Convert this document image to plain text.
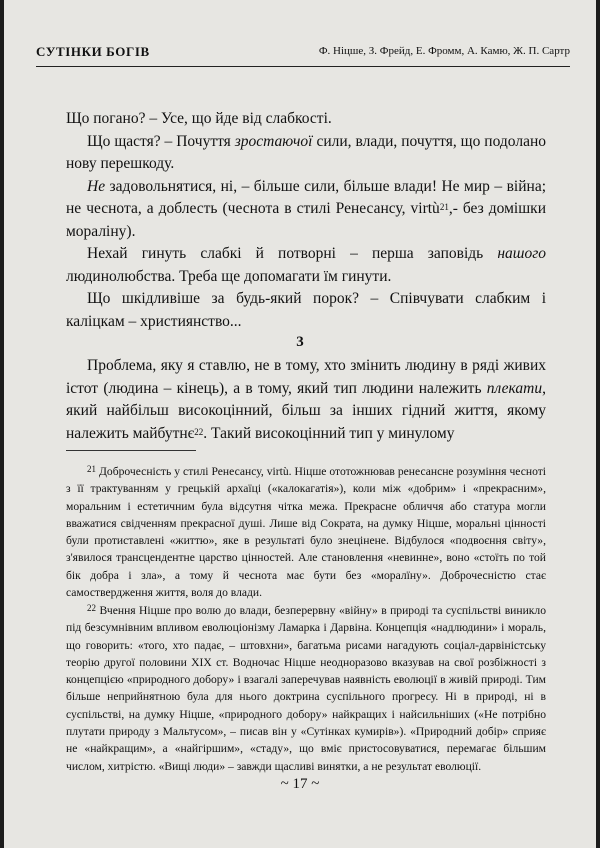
СУТІНКИ БОГІВ	Ф. Ніцше, З. Фрейд, Е. Фромм, А. Камю, Ж. П. Сартр

Що погано? – Усе, що йде від слабкості.

Що щастя? – Почуття зростаючої сили, влади, почуття, що подолано нову перешкоду.

Не задовольнятися, ні, – більше сили, більше влади! Не мир – війна; не чеснота, а доблесть (чеснота в стилі Ренесансу, virtù$^{21}$,- без домішки мораліну).

Нехай гинуть слабкі й потворні – перша заповідь нашого людинолюбства. Треба ще допомагати їм гинути.

Що шкідливіше за будь-який порок? – Співчувати слабким і каліцкам – християнство...

3

Проблема, яку я ставлю, не в тому, хто змінить людину в ряді живих істот (людина – кінець), а в тому, який тип людини належить плекати, який найбільш високоцінний, більш за інших гідний життя, якому належить майбутнє$^{22}$. Такий високоцінний тип у минулому

$^{21}$ Доброчесність у стилі Ренесансу, virtù. Ніцше ототожнював ренесансне розуміння чесноті з її трактуванням у грецькій архаїці («калокагатія»), коли між «добрим» і «прекрасним», моральним і естетичним була відсутня чітка межа. Прекрасне обличчя або статура могли вважатися свідченням прекрасної душі. Лише від Сократа, на думку Ніцше, моральні цінності були протиставлені «життю», яке в результаті було знецінене. Відбулося «подвоєння світу», з'явилося трансцендентне царство цінностей. Але становлення «невинне», воно «стоїть по той бік добра і зла», а тому й чеснота має бути без «моралїну». Доброчесністю стає самоствердження життя, воля до влади.

$^{22}$ Вчення Ніцше про волю до влади, безперервну «війну» в природі та суспільстві виникло під безсумнівним впливом еволюціонізму Ламарка і Дарвіна. Концепція «надлюдини» і мораль, що говорить: «того, хто падає, – штовхни», багатьма рисами нагадують соціал-дарвіністську теорію другої половини XIX ст. Водночас Ніцше неодноразово вказував на свої розбіжності з концепцією «природного добору» і взагалі заперечував наявність еволюції в живій природі. Тим більше неприйнятною була для нього доктрина суспільного прогресу. Ні в природі, ні в суспільстві, на думку Ніцше, «природного добору» найкращих і найсильніших («Не потрібно плутати природу з Мальтусом», – писав він у «Сутінках кумирів»). «Природний добір» сприяє не «найкращим», а «найгіршим», «стаду», що вміє пристосовуватися, перемагає більшим числом, хитрістю. «Вищі люди» – завжди щасливі винятки, а не результат еволюції.

~ 17 ~
